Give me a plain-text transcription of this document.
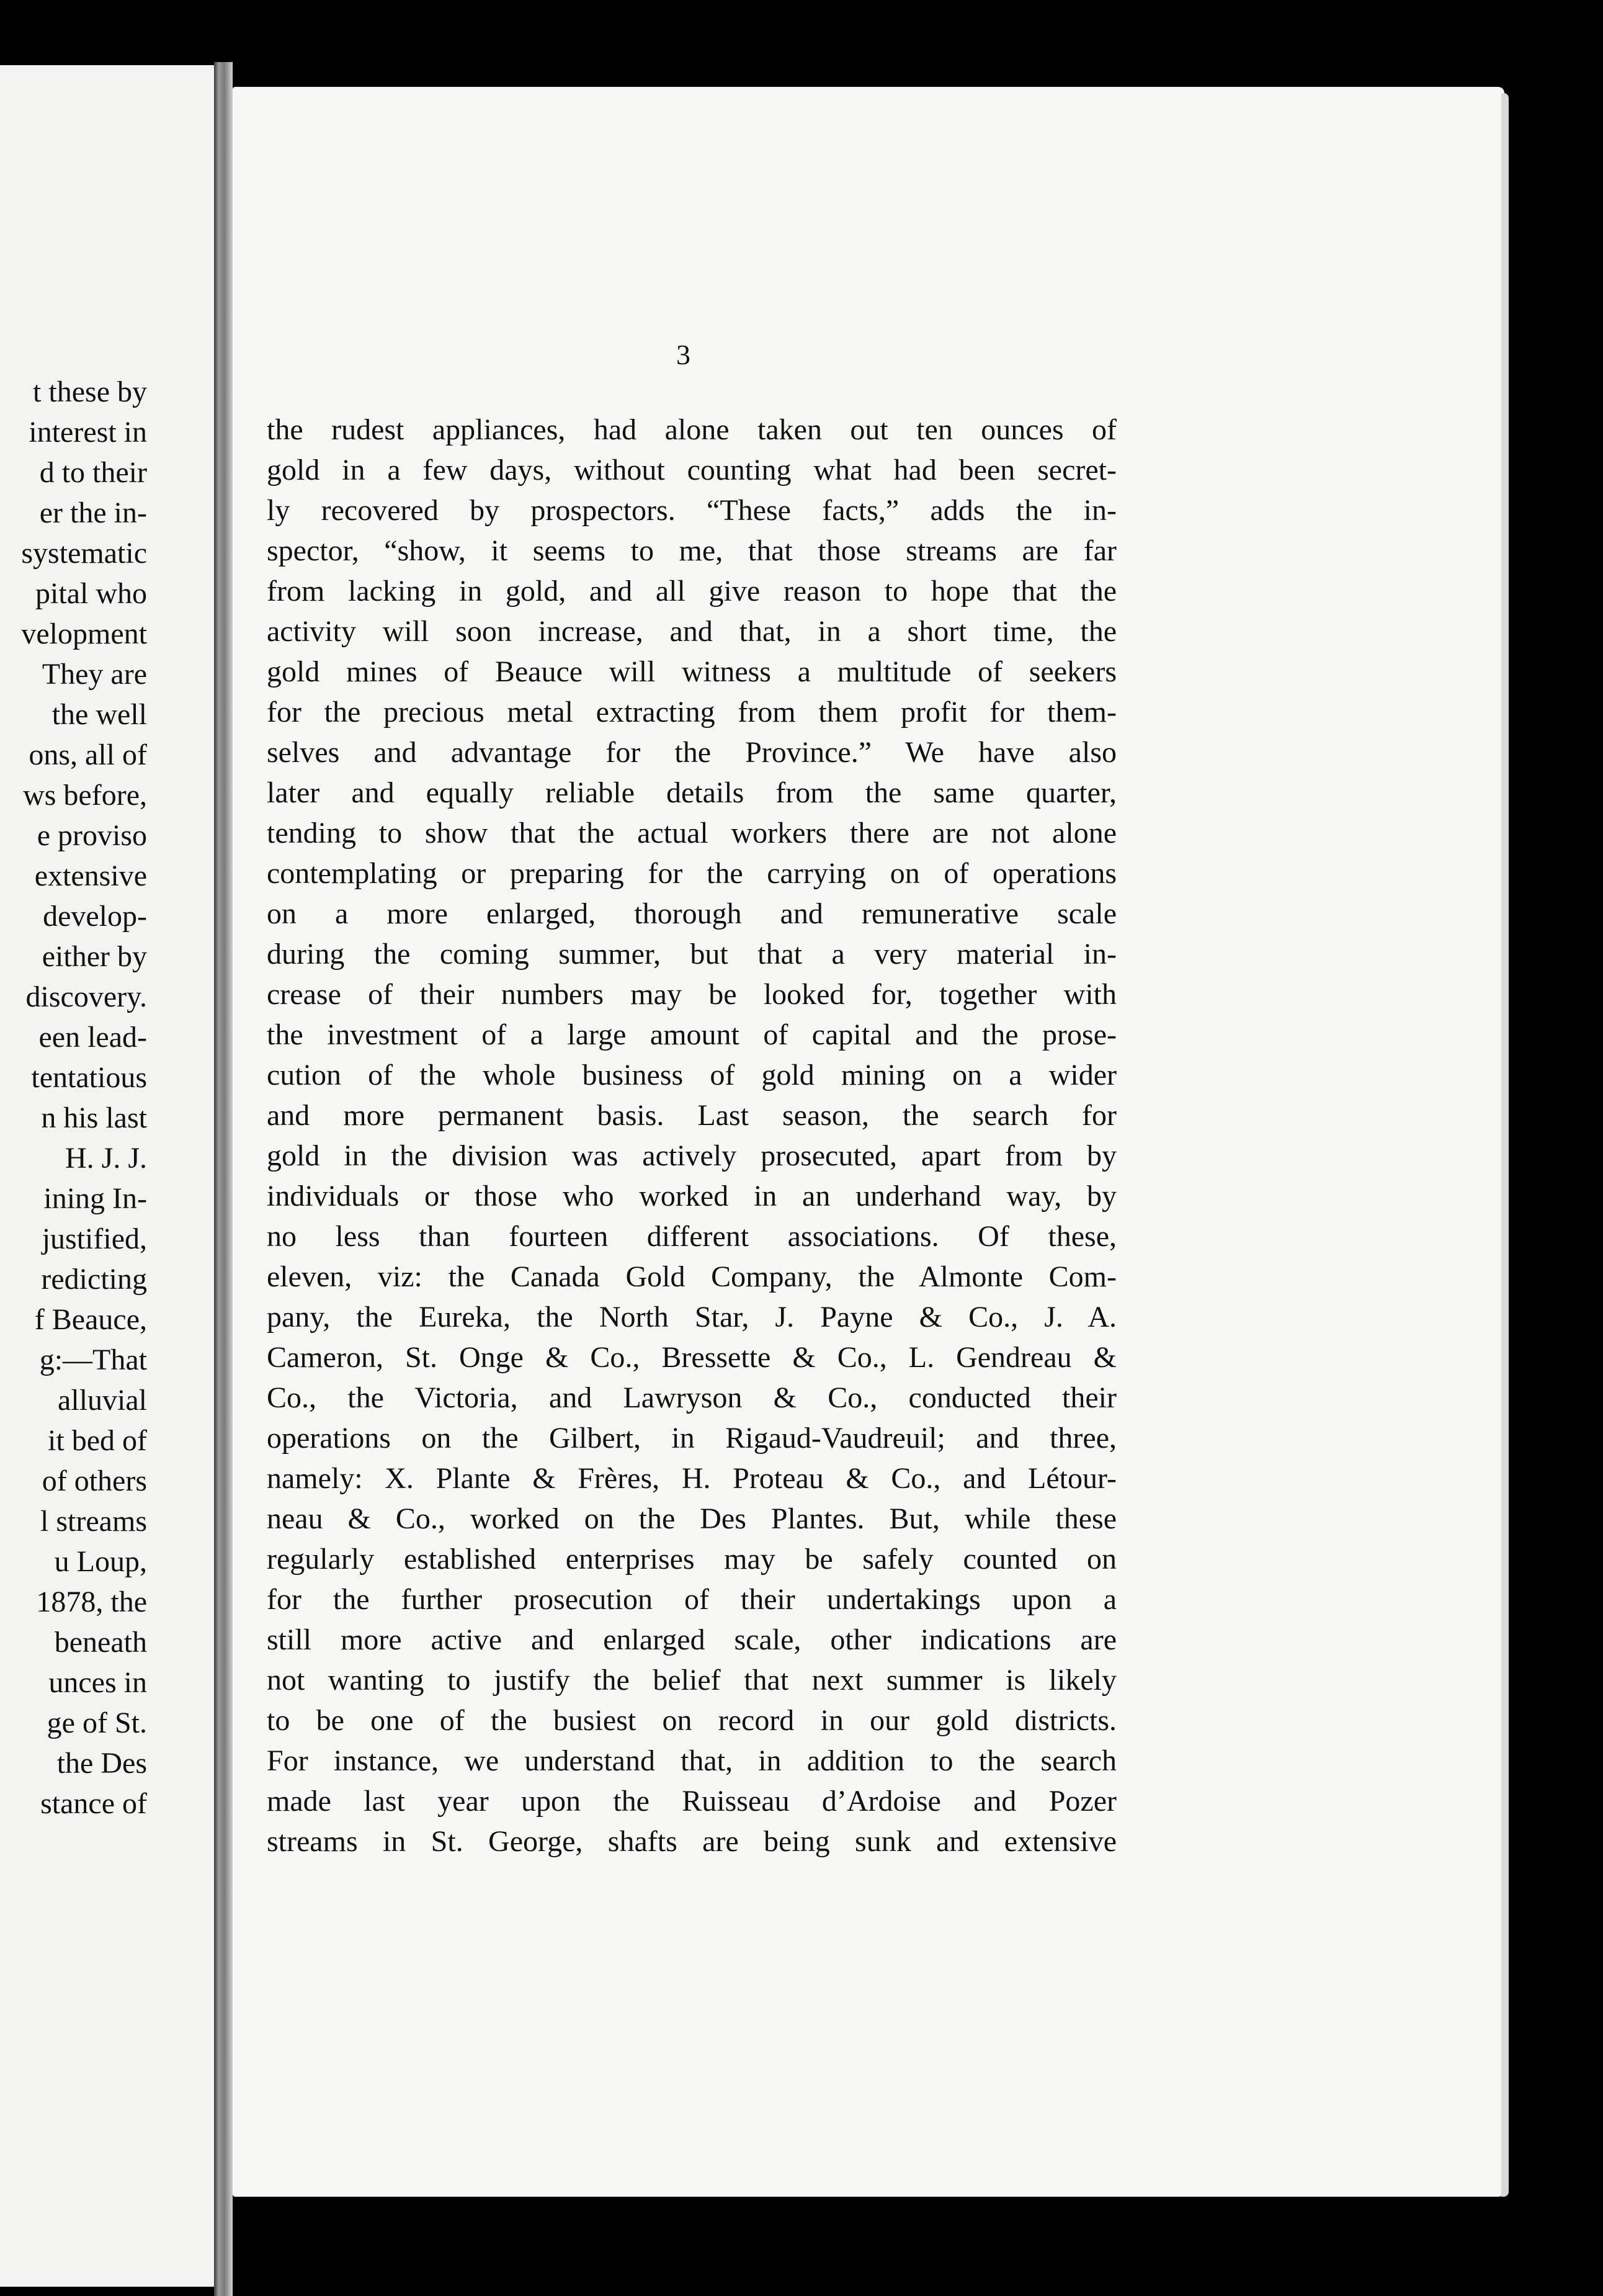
t these by
interest in
d to their
er the in-
systematic
pital who
velopment
They are
the well
ons, all of
ws before,
e proviso
extensive
develop-
either by
discovery.
een lead-
tentatious
n his last
H. J. J.
ining In-
justified,
redicting
f Beauce,
g:—That
alluvial
it bed of
of others
l streams
u Loup,
1878, the
beneath
unces in
ge of St.
the Des
stance of
3
the rudest appliances, had alone taken out ten ounces of
gold in a few days, without counting what had been secret-
ly recovered by prospectors. “These facts,” adds the in-
spector, “show, it seems to me, that those streams are far
from lacking in gold, and all give reason to hope that the
activity will soon increase, and that, in a short time, the
gold mines of Beauce will witness a multitude of seekers
for the precious metal extracting from them profit for them-
selves and advantage for the Province.” We have also
later and equally reliable details from the same quarter,
tending to show that the actual workers there are not alone
contemplating or preparing for the carrying on of operations
on a more enlarged, thorough and remunerative scale
during the coming summer, but that a very material in-
crease of their numbers may be looked for, together with
the investment of a large amount of capital and the prose-
cution of the whole business of gold mining on a wider
and more permanent basis. Last season, the search for
gold in the division was actively prosecuted, apart from by
individuals or those who worked in an underhand way, by
no less than fourteen different associations. Of these,
eleven, viz: the Canada Gold Company, the Almonte Com-
pany, the Eureka, the North Star, J. Payne & Co., J. A.
Cameron, St. Onge & Co., Bressette & Co., L. Gendreau &
Co., the Victoria, and Lawryson & Co., conducted their
operations on the Gilbert, in Rigaud-Vaudreuil; and three,
namely: X. Plante & Frères, H. Proteau & Co., and Létour-
neau & Co., worked on the Des Plantes. But, while these
regularly established enterprises may be safely counted on
for the further prosecution of their undertakings upon a
still more active and enlarged scale, other indications are
not wanting to justify the belief that next summer is likely
to be one of the busiest on record in our gold districts.
For instance, we understand that, in addition to the search
made last year upon the Ruisseau d’Ardoise and Pozer
streams in St. George, shafts are being sunk and extensive
